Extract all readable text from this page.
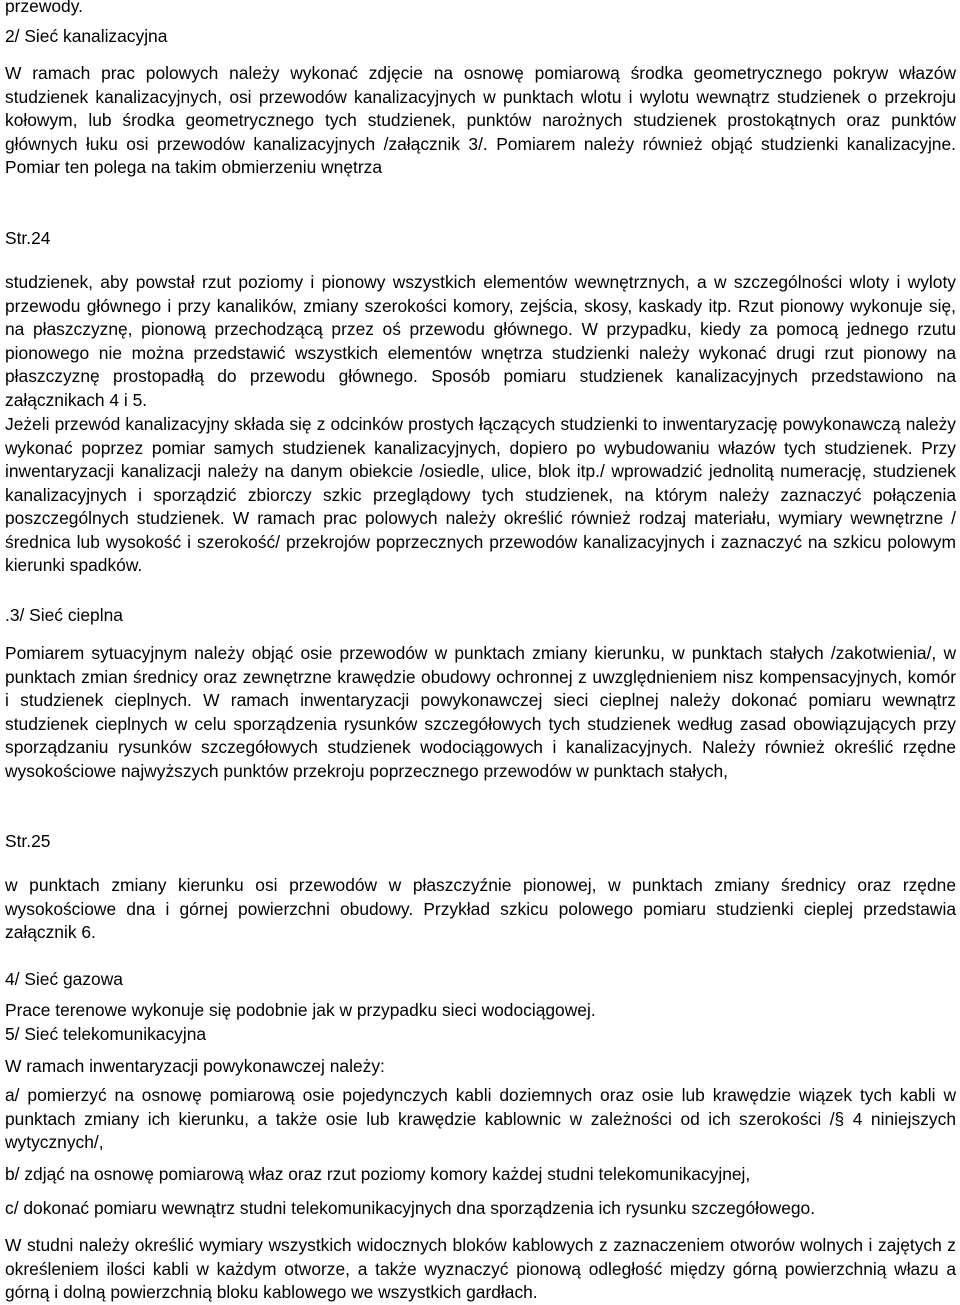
przewody.

2/ Sieć kanalizacyjna

W ramach prac polowych należy wykonać zdjęcie na osnowę pomiarową środka geometrycznego pokryw włazów studzienek kanalizacyjnych, osi przewodów kanalizacyjnych w punktach wlotu i wylotu wewnątrz studzienek o przekroju kołowym, lub środka geometrycznego tych studzienek, punktów narożnych studzienek prostokątnych oraz punktów głównych łuku osi przewodów kanalizacyjnych /załącznik 3/. Pomiarem należy również objąć studzienki kanalizacyjne. Pomiar ten polega na takim obmierzeniu wnętrza

Str.24

studzienek, aby powstał rzut poziomy i pionowy wszystkich elementów wewnętrznych, a w szczególności wloty i wyloty przewodu głównego i przy kanalików, zmiany szerokości komory, zejścia, skosy, kaskady itp. Rzut pionowy wykonuje się, na płaszczyznę, pionową przechodzącą przez oś przewodu głównego. W przypadku, kiedy za pomocą jednego rzutu pionowego nie można przedstawić wszystkich elementów wnętrza studzienki należy wykonać drugi rzut pionowy na płaszczyznę prostopadłą do przewodu głównego. Sposób pomiaru studzienek kanalizacyjnych przedstawiono na załącznikach 4 i 5.

Jeżeli przewód kanalizacyjny składa się z odcinków prostych łączących studzienki to inwentaryzację powykonawczą należy wykonać poprzez pomiar samych studzienek kanalizacyjnych, dopiero po wybudowaniu włazów tych studzienek. Przy inwentaryzacji kanalizacji należy na danym obiekcie /osiedle, ulice, blok itp./ wprowadzić jednolitą numerację, studzienek kanalizacyjnych i sporządzić zbiorczy szkic przeglądowy tych studzienek, na którym należy zaznaczyć połączenia poszczególnych studzienek. W ramach prac polowych należy określić również rodzaj materiału, wymiary wewnętrzne /średnica lub wysokość i szerokość/ przekrojów poprzecznych przewodów kanalizacyjnych i zaznaczyć na szkicu polowym kierunki spadków.

.3/ Sieć cieplna

Pomiarem sytuacyjnym należy objąć osie przewodów w punktach zmiany kierunku, w punktach stałych /zakotwienia/, w punktach zmian średnicy oraz zewnętrzne krawędzie obudowy ochronnej z uwzględnieniem nisz kompensacyjnych, komór i studzienek cieplnych. W ramach inwentaryzacji powykonawczej sieci cieplnej należy dokonać pomiaru wewnątrz studzienek cieplnych w celu sporządzenia rysunków szczegółowych tych studzienek według zasad obowiązujących przy sporządzaniu rysunków szczegółowych studzienek wodociągowych i kanalizacyjnych. Należy również określić rzędne wysokościowe najwyższych punktów przekroju poprzecznego przewodów w punktach stałych,

Str.25

w punktach zmiany kierunku osi przewodów w płaszczyźnie pionowej, w punktach zmiany średnicy oraz rzędne wysokościowe dna i górnej powierzchni obudowy. Przykład szkicu polowego pomiaru studzienki cieplej przedstawia załącznik 6.

4/ Sieć gazowa

Prace terenowe wykonuje się podobnie jak w przypadku sieci wodociągowej.

5/ Sieć telekomunikacyjna

W ramach inwentaryzacji powykonawczej należy:

a/ pomierzyć na osnowę pomiarową osie pojedynczych kabli doziemnych oraz osie lub krawędzie wiązek tych kabli w punktach zmiany ich kierunku, a także osie lub krawędzie kablownic w zależności od ich szerokości /§ 4 niniejszych wytycznych/,

b/ zdjąć na osnowę pomiarową właz oraz rzut poziomy komory każdej studni telekomunikacyjnej,

c/ dokonać pomiaru wewnątrz studni telekomunikacyjnych dna sporządzenia ich rysunku szczegółowego.

W studni należy określić wymiary wszystkich widocznych bloków kablowych z zaznaczeniem otworów wolnych i zajętych z określeniem ilości kabli w każdym otworze, a także wyznaczyć pionową odległość między górną powierzchnią włazu a górną i dolną powierzchnią bloku kablowego we wszystkich gardłach.
